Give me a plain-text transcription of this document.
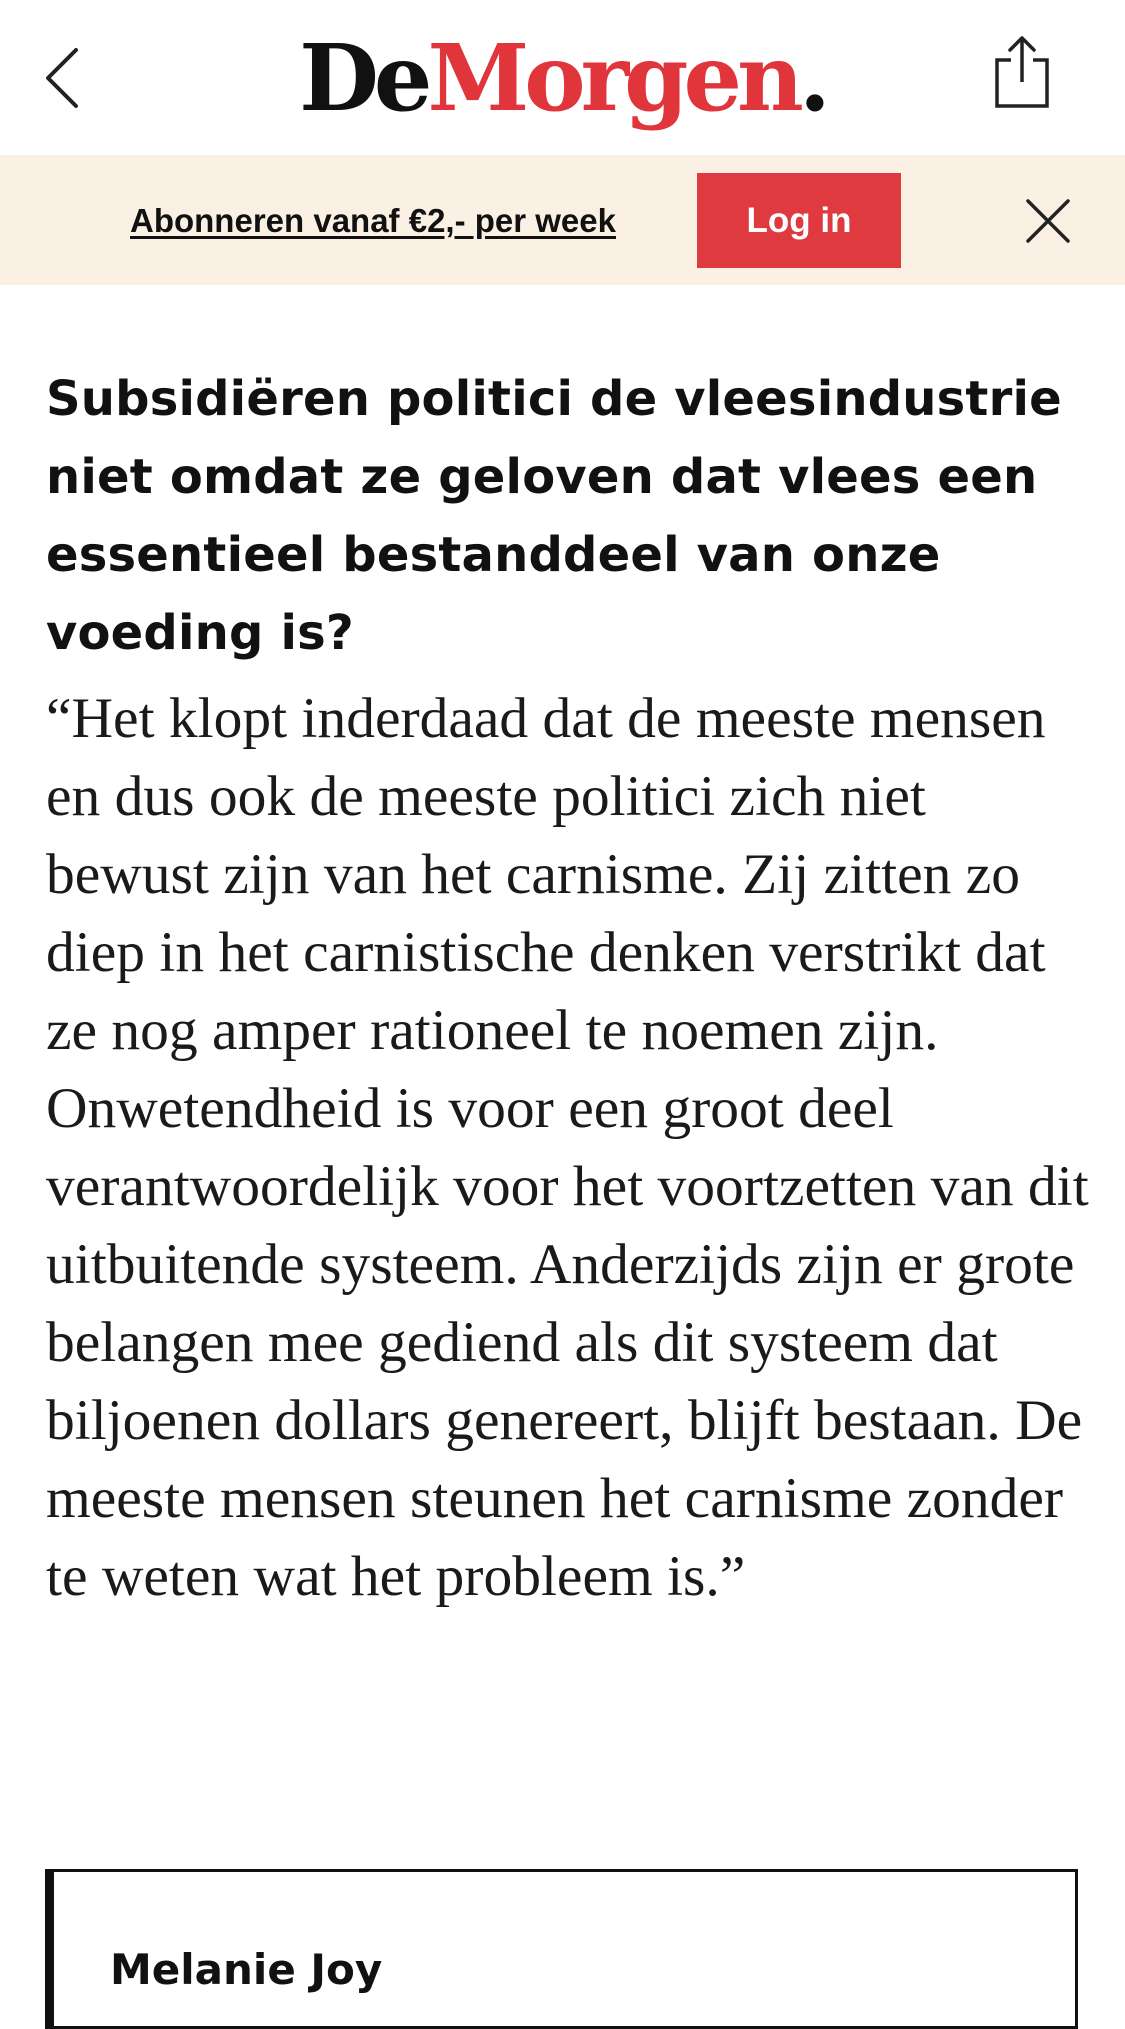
DeMorgen.
Abonneren vanaf €2,- per week	Log in
Subsidiëren politici de vleesindustrie niet omdat ze geloven dat vlees een essentieel bestanddeel van onze voeding is?

“Het klopt inderdaad dat de meeste mensen en dus ook de meeste politici zich niet bewust zijn van het carnisme. Zij zitten zo diep in het carnistische denken verstrikt dat ze nog amper rationeel te noemen zijn. Onwetendheid is voor een groot deel verantwoordelijk voor het voortzetten van dit uitbuitende systeem. Anderzijds zijn er grote belangen mee gediend als dit systeem dat biljoenen dollars genereert, blijft bestaan. De meeste mensen steunen het carnisme zonder te weten wat het probleem is.”

Melanie Joy
